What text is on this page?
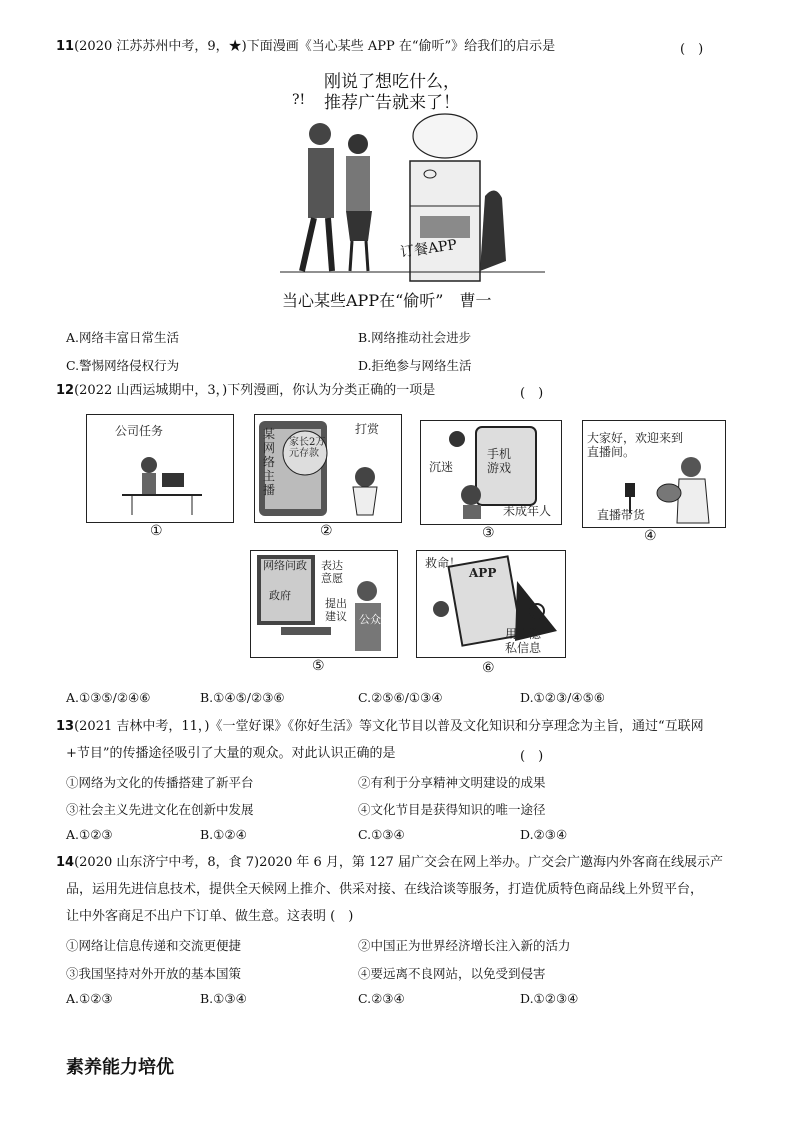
11(2020 江苏苏州中考，9，★)下面漫画《当心某些 APP 在“偷听”》给我们的启示是	(　)
刚说了想吃什么，
推荐广告就来了！
?!
订餐APP
当心某些APP在“偷听”　曹一
A.网络丰富日常生活	B.网络推动社会进步
C.警惕网络侵权行为	D.拒绝参与网络生活
12(2022 山西运城期中，3，)下列漫画，你认为分类正确的一项是	(　)
公司任务
①
某网络主播
家长2万元存款
打赏
②
沉迷
手机游戏
未成年人
③
大家好，欢迎来到直播间。
直播带货
④
网络问政 表达意愿
提出建议
政府
公众
⑤
救命！
APP
用户隐私信息
⑥
A.①③⑤/②④⑥	B.①④⑤/②③⑥	C.②⑤⑥/①③④	D.①②③/④⑤⑥
13(2021 吉林中考，11，)《一堂好课》《你好生活》等文化节目以普及文化知识和分享理念为主旨，通过“互联网
+节目”的传播途径吸引了大量的观众。对此认识正确的是	(　)
①网络为文化的传播搭建了新平台	②有利于分享精神文明建设的成果
③社会主义先进文化在创新中发展	④文化节目是获得知识的唯一途径
A.①②③	B.①②④	C.①③④	D.②③④
14(2020 山东济宁中考，8，食 7)2020 年 6 月，第 127 届广交会在网上举办。广交会广邀海内外客商在线展示产
品，运用先进信息技术，提供全天候网上推介、供采对接、在线洽谈等服务，打造优质特色商品线上外贸平台，
让中外客商足不出户下订单、做生意。这表明 (　)
①网络让信息传递和交流更便捷	②中国正为世界经济增长注入新的活力
③我国坚持对外开放的基本国策	④要远离不良网站，以免受到侵害
A.①②③	B.①③④	C.②③④	D.①②③④
素养能力培优
